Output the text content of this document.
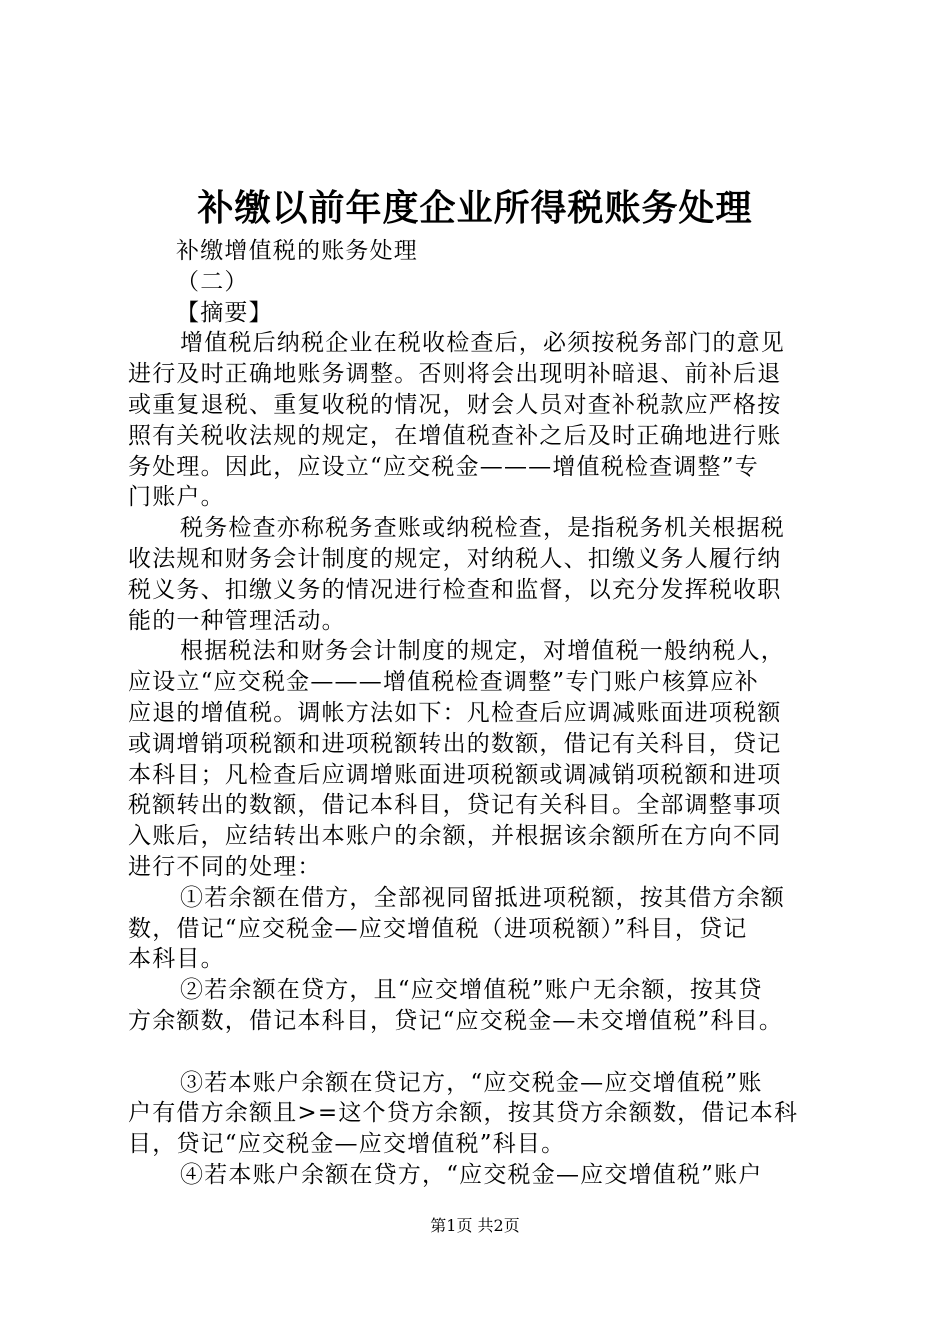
补缴以前年度企业所得税账务处理
补缴增值税的账务处理
（二）
【摘要】
增值税后纳税企业在税收检查后，必须按税务部门的意见
进行及时正确地账务调整。否则将会出现明补暗退、前补后退
或重复退税、重复收税的情况，财会人员对查补税款应严格按
照有关税收法规的规定，在增值税查补之后及时正确地进行账
务处理。因此，应设立“应交税金———增值税检查调整”专
门账户。
税务检查亦称税务查账或纳税检查，是指税务机关根据税
收法规和财务会计制度的规定，对纳税人、扣缴义务人履行纳
税义务、扣缴义务的情况进行检查和监督，以充分发挥税收职
能的一种管理活动。
根据税法和财务会计制度的规定，对增值税一般纳税人，
应设立“应交税金———增值税检查调整”专门账户核算应补
应退的增值税。调帐方法如下：凡检查后应调减账面进项税额
或调增销项税额和进项税额转出的数额，借记有关科目，贷记
本科目；凡检查后应调增账面进项税额或调减销项税额和进项
税额转出的数额，借记本科目，贷记有关科目。全部调整事项
入账后，应结转出本账户的余额，并根据该余额所在方向不同
进行不同的处理：
①若余额在借方，全部视同留抵进项税额，按其借方余额
数，借记“应交税金—应交增值税（进项税额）”科目，贷记
本科目。
②若余额在贷方，且“应交增值税”账户无余额，按其贷
方余额数，借记本科目，贷记“应交税金—未交增值税”科目。
③若本账户余额在贷记方，“应交税金—应交增值税”账
户有借方余额且>=这个贷方余额，按其贷方余额数，借记本科
目，贷记“应交税金—应交增值税”科目。
④若本账户余额在贷方，“应交税金—应交增值税”账户
第1页 共2页
